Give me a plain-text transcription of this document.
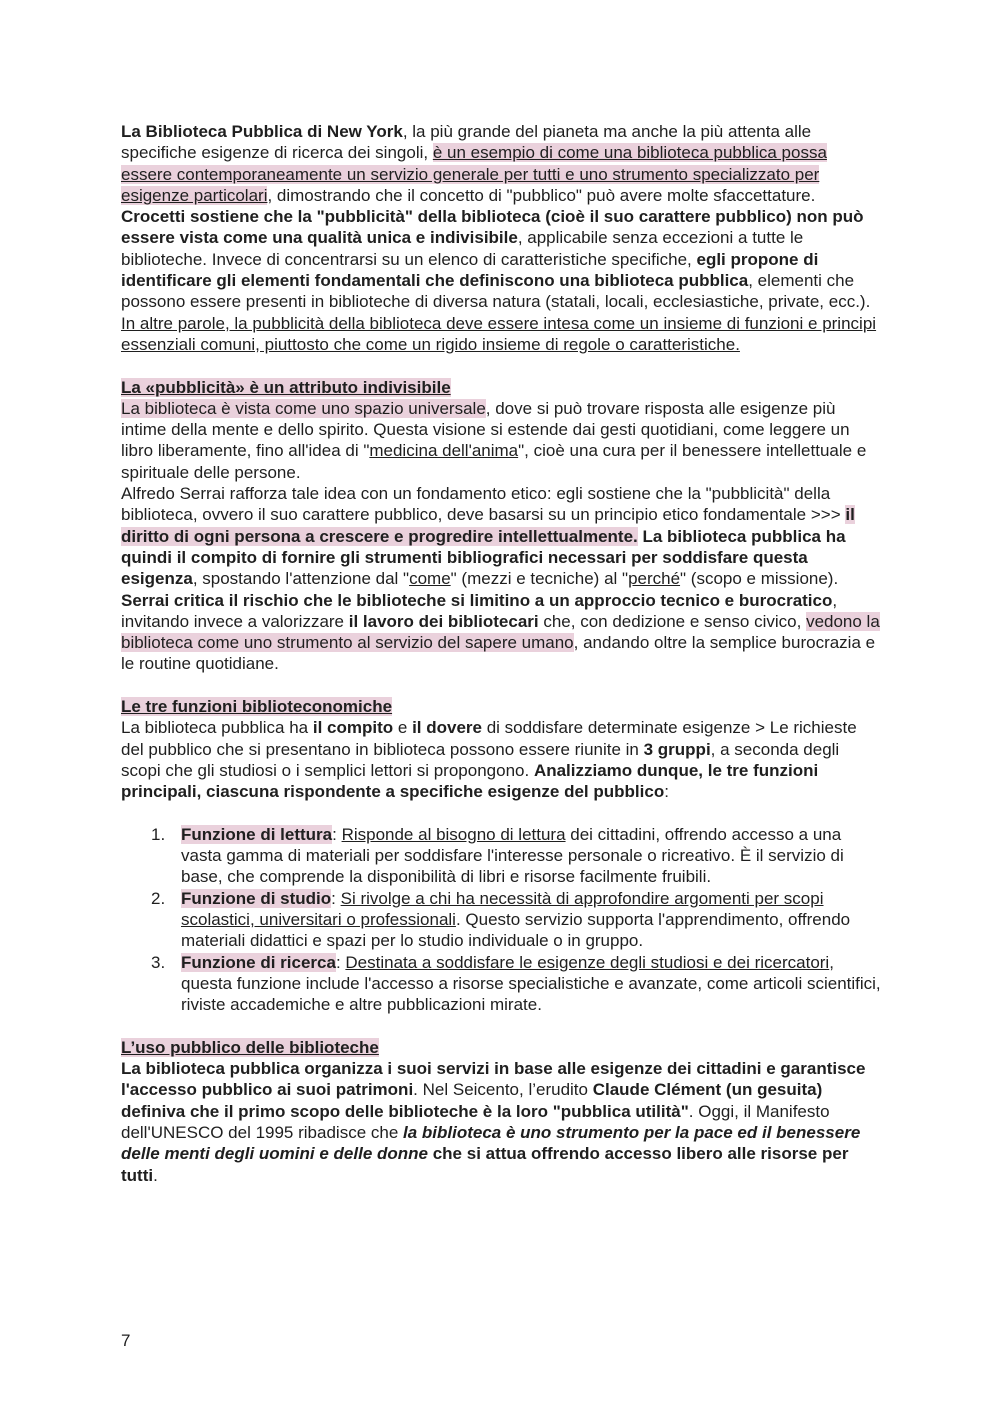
La Biblioteca Pubblica di New York, la più grande del pianeta ma anche la più attenta alle specifiche esigenze di ricerca dei singoli, è un esempio di come una biblioteca pubblica possa essere contemporaneamente un servizio generale per tutti e uno strumento specializzato per esigenze particolari, dimostrando che il concetto di "pubblico" può avere molte sfaccettature.

Crocetti sostiene che la "pubblicità" della biblioteca (cioè il suo carattere pubblico) non può essere vista come una qualità unica e indivisibile, applicabile senza eccezioni a tutte le biblioteche. Invece di concentrarsi su un elenco di caratteristiche specifiche, egli propone di identificare gli elementi fondamentali che definiscono una biblioteca pubblica, elementi che possono essere presenti in biblioteche di diversa natura (statali, locali, ecclesiastiche, private, ecc.). In altre parole, la pubblicità della biblioteca deve essere intesa come un insieme di funzioni e principi essenziali comuni, piuttosto che come un rigido insieme di regole o caratteristiche.

La «pubblicità» è un attributo indivisibile

La biblioteca è vista come uno spazio universale, dove si può trovare risposta alle esigenze più intime della mente e dello spirito. Questa visione si estende dai gesti quotidiani, come leggere un libro liberamente, fino all'idea di "medicina dell'anima", cioè una cura per il benessere intellettuale e spirituale delle persone.

Alfredo Serrai rafforza tale idea con un fondamento etico: egli sostiene che la "pubblicità" della biblioteca, ovvero il suo carattere pubblico, deve basarsi su un principio etico fondamentale >>> il diritto di ogni persona a crescere e progredire intellettualmente. La biblioteca pubblica ha quindi il compito di fornire gli strumenti bibliografici necessari per soddisfare questa esigenza, spostando l'attenzione dal "come" (mezzi e tecniche) al "perché" (scopo e missione).

Serrai critica il rischio che le biblioteche si limitino a un approccio tecnico e burocratico, invitando invece a valorizzare il lavoro dei bibliotecari che, con dedizione e senso civico, vedono la biblioteca come uno strumento al servizio del sapere umano, andando oltre la semplice burocrazia e le routine quotidiane.

Le tre funzioni biblioteconomiche

La biblioteca pubblica ha il compito e il dovere di soddisfare determinate esigenze > Le richieste del pubblico che si presentano in biblioteca possono essere riunite in 3 gruppi, a seconda degli scopi che gli studiosi o i semplici lettori si propongono. Analizziamo dunque, le tre funzioni principali, ciascuna rispondente a specifiche esigenze del pubblico:

1. Funzione di lettura: Risponde al bisogno di lettura dei cittadini, offrendo accesso a una vasta gamma di materiali per soddisfare l'interesse personale o ricreativo. È il servizio di base, che comprende la disponibilità di libri e risorse facilmente fruibili.
2. Funzione di studio: Si rivolge a chi ha necessità di approfondire argomenti per scopi scolastici, universitari o professionali. Questo servizio supporta l'apprendimento, offrendo materiali didattici e spazi per lo studio individuale o in gruppo.
3. Funzione di ricerca: Destinata a soddisfare le esigenze degli studiosi e dei ricercatori, questa funzione include l'accesso a risorse specialistiche e avanzate, come articoli scientifici, riviste accademiche e altre pubblicazioni mirate.
L’uso pubblico delle biblioteche

La biblioteca pubblica organizza i suoi servizi in base alle esigenze dei cittadini e garantisce l'accesso pubblico ai suoi patrimoni. Nel Seicento, l’erudito Claude Clément (un gesuita) definiva che il primo scopo delle biblioteche è la loro "pubblica utilità". Oggi, il Manifesto dell'UNESCO del 1995 ribadisce che la biblioteca è uno strumento per la pace ed il benessere delle menti degli uomini e delle donne che si attua offrendo accesso libero alle risorse per tutti.

7
